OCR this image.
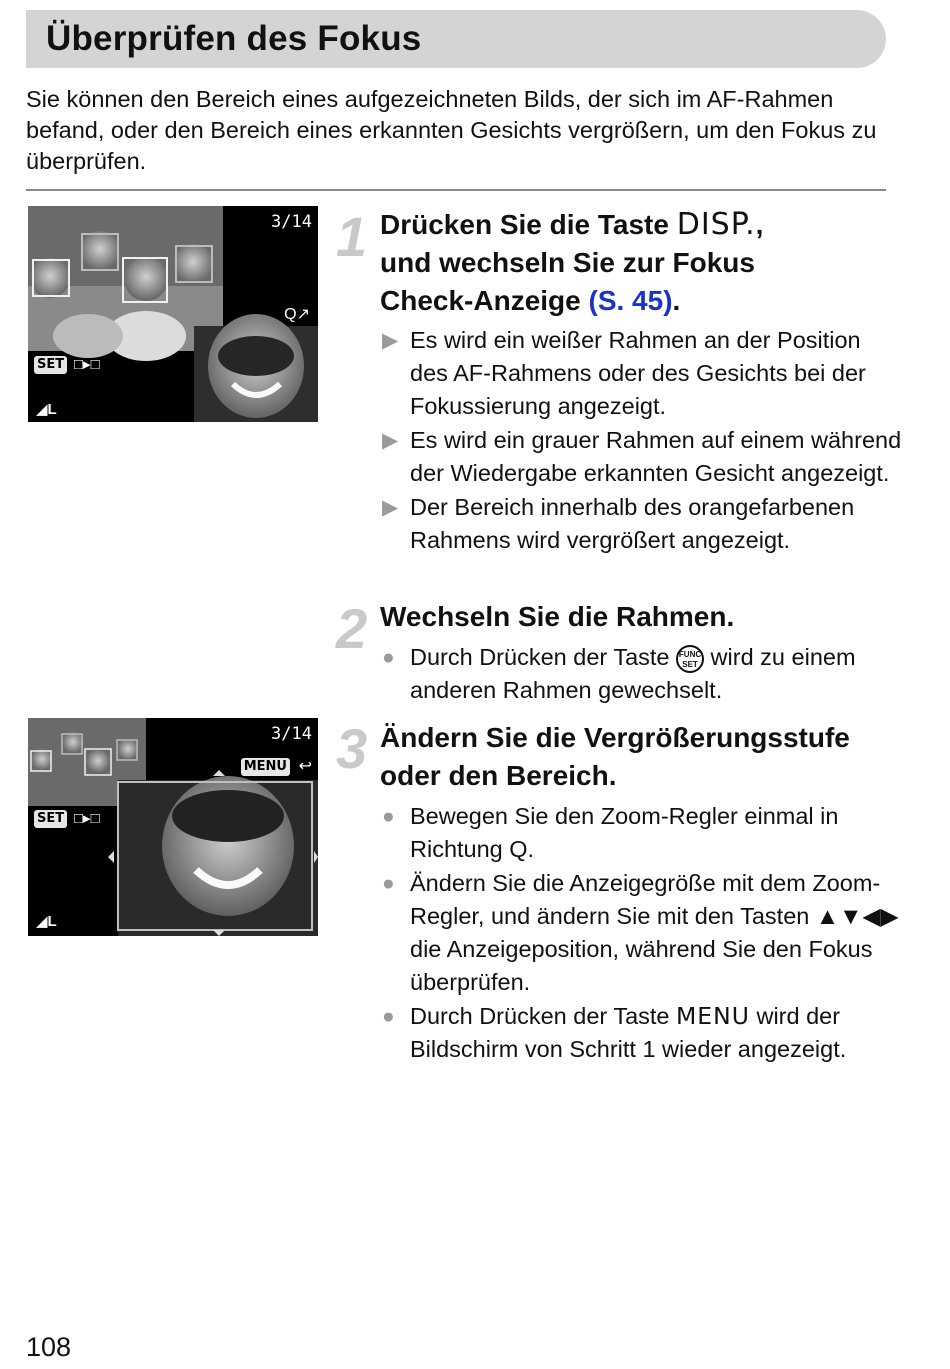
Überprüfen des Fokus
Sie können den Bereich eines aufgezeichneten Bilds, der sich im AF-Rahmen befand, oder den Bereich eines erkannten Gesichts vergrößern, um den Fokus zu überprüfen.
3/14
Q↗
SET □▸□
◢L
3/14
MENU ↩
SET □▸□
◢L
1 Drücken Sie die Taste DISP.,
und wechseln Sie zur Fokus
Check-Anzeige (S. 45).
▶ Es wird ein weißer Rahmen an der Position des AF-Rahmens oder des Gesichts bei der Fokussierung angezeigt.
▶ Es wird ein grauer Rahmen auf einem während der Wiedergabe erkannten Gesicht angezeigt.
▶ Der Bereich innerhalb des orangefarbenen Rahmens wird vergrößert angezeigt.
2 Wechseln Sie die Rahmen.
● Durch Drücken der Taste FUNC
SET wird zu einem anderen Rahmen gewechselt.
3 Ändern Sie die Vergrößerungsstufe oder den Bereich.
● Bewegen Sie den Zoom-Regler einmal in Richtung Q.
● Ändern Sie die Anzeigegröße mit dem Zoom-Regler, und ändern Sie mit den Tasten ▲▼◀▶ die Anzeigeposition, während Sie den Fokus überprüfen.
● Durch Drücken der Taste MENU wird der Bildschirm von Schritt 1 wieder angezeigt.
108
